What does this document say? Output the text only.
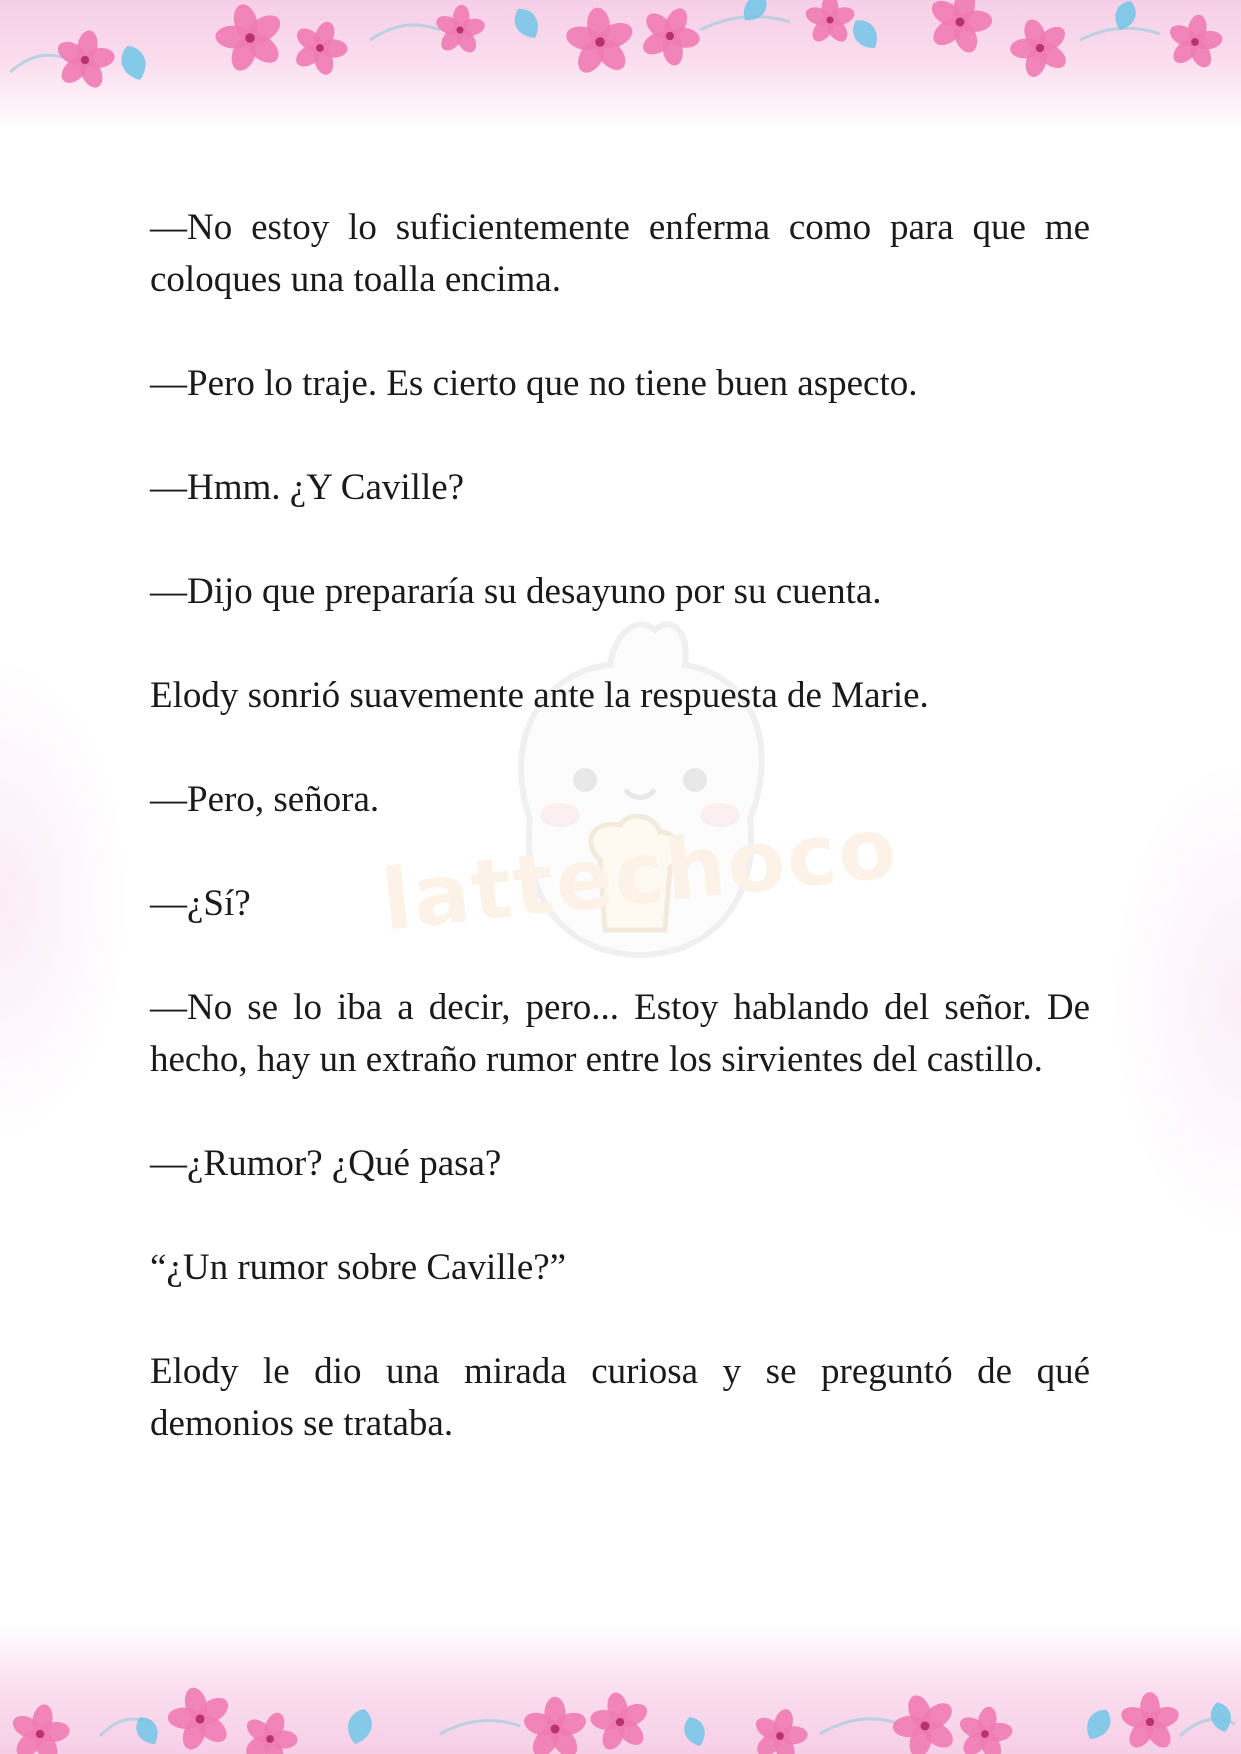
lattechoco

—No estoy lo suficientemente enferma como para que me coloques una toalla encima.

—Pero lo traje. Es cierto que no tiene buen aspecto.

—Hmm. ¿Y Caville?

—Dijo que prepararía su desayuno por su cuenta.

Elody sonrió suavemente ante la respuesta de Marie.

—Pero, señora.

—¿Sí?

—No se lo iba a decir, pero... Estoy hablando del señor. De hecho, hay un extraño rumor entre los sirvientes del castillo.

—¿Rumor? ¿Qué pasa?

“¿Un rumor sobre Caville?”

Elody le dio una mirada curiosa y se preguntó de qué demonios se trataba.
